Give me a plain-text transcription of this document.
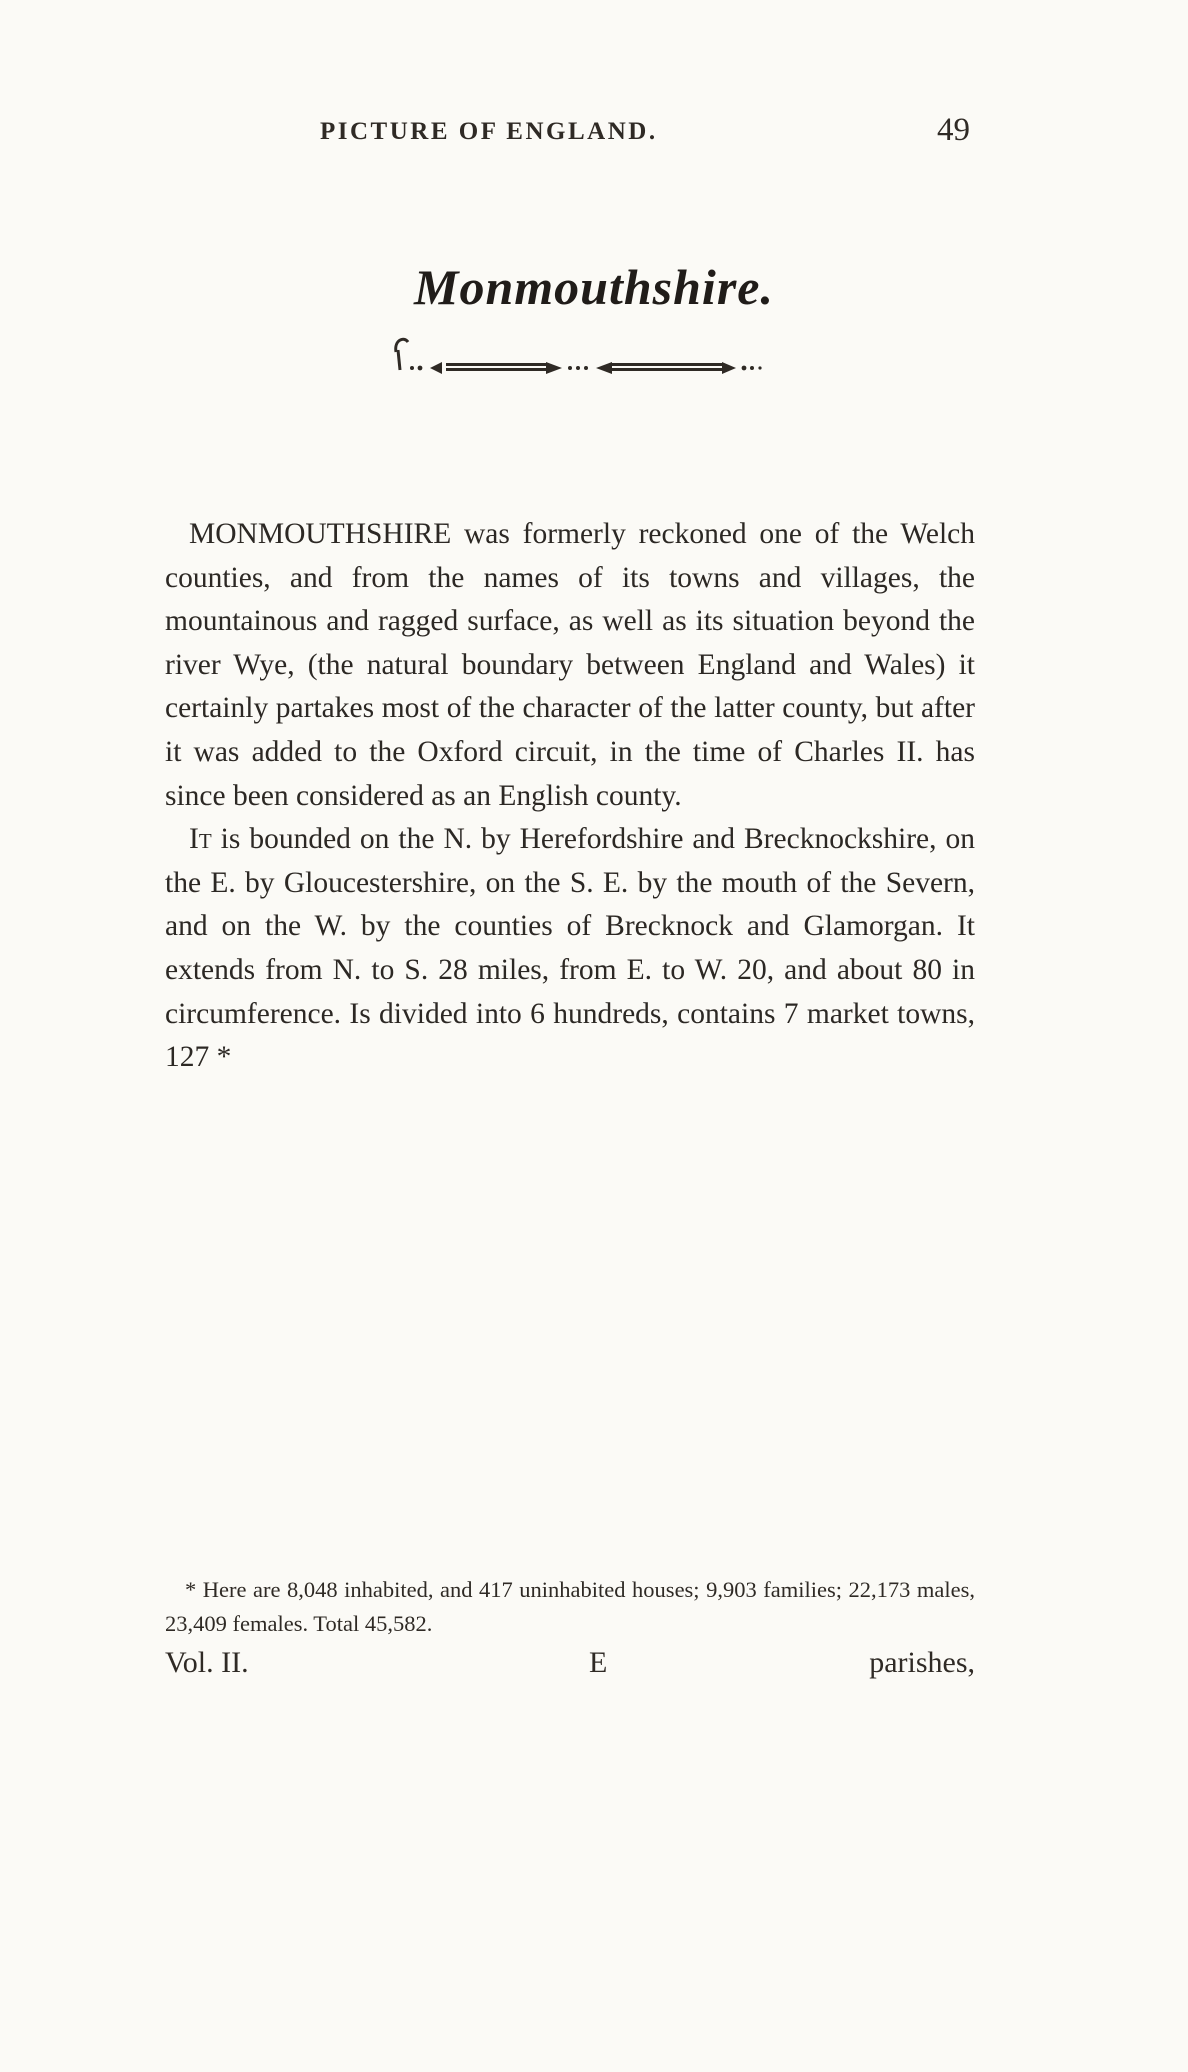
PICTURE OF ENGLAND.	49
Monmouthshire.

MONMOUTHSHIRE was formerly reckoned one of the Welch counties, and from the names of its towns and villages, the mountainous and ragged surface, as well as its situation beyond the river Wye, (the natural boundary between England and Wales) it certainly partakes most of the character of the latter county, but after it was added to the Oxford circuit, in the time of Charles II. has since been considered as an English county.

It is bounded on the N. by Herefordshire and Brecknockshire, on the E. by Gloucestershire, on the S. E. by the mouth of the Severn, and on the W. by the counties of Brecknock and Glamorgan. It extends from N. to S. 28 miles, from E. to W. 20, and about 80 in circumference. Is divided into 6 hundreds, contains 7 market towns, 127 *

* Here are 8,048 inhabited, and 417 uninhabited houses; 9,903 families; 22,173 males, 23,409 females. Total 45,582.

Vol. II.	E	parishes,
